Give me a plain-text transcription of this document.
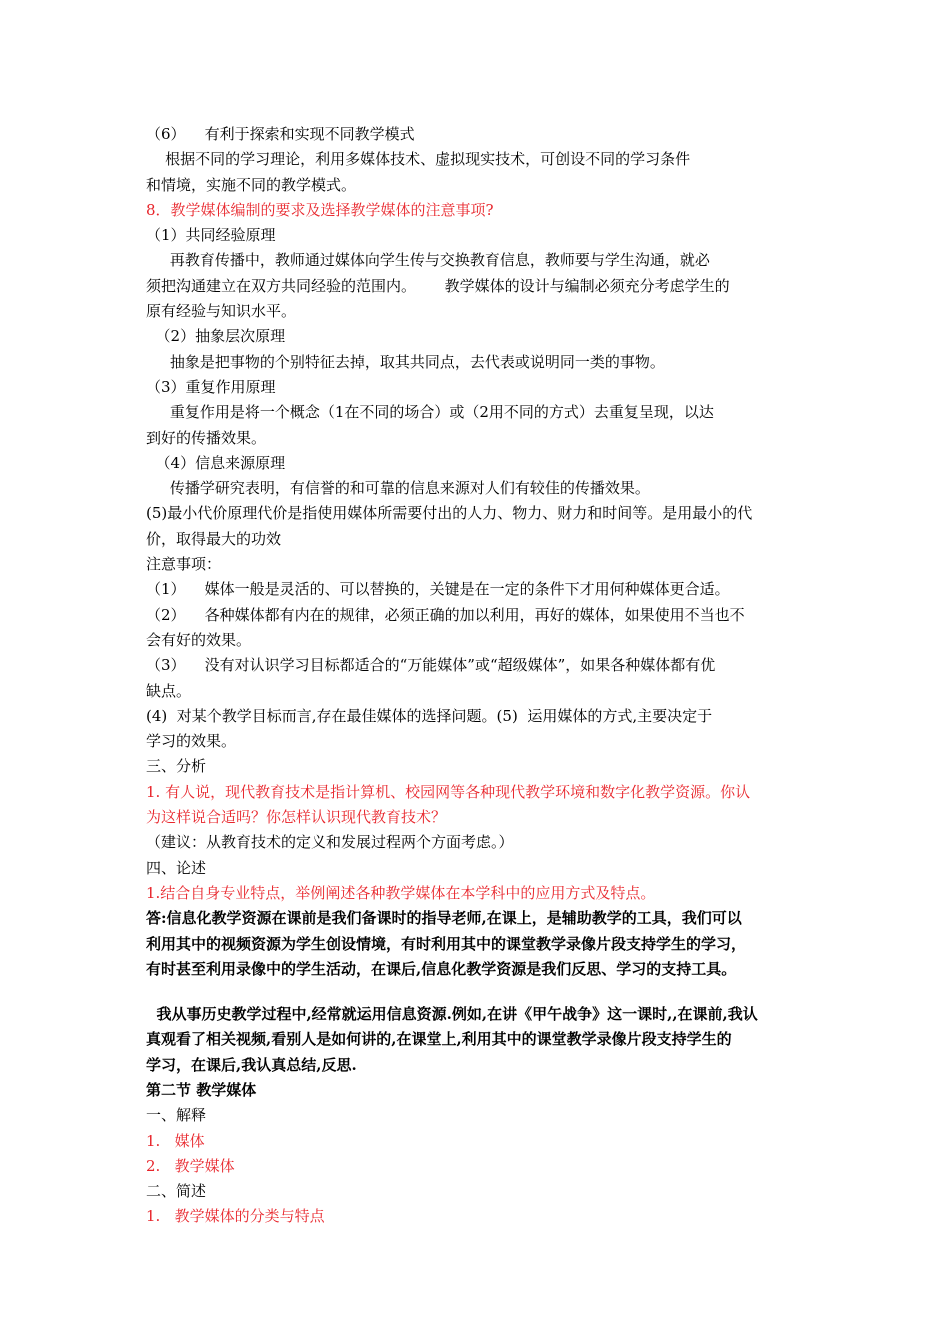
（6）    有利于探索和实现不同教学模式
根据不同的学习理论，利用多媒体技术、虚拟现实技术，可创设不同的学习条件
和情境，实施不同的教学模式。
8．教学媒体编制的要求及选择教学媒体的注意事项?
（1）共同经验原理
再教育传播中，教师通过媒体向学生传与交换教育信息，教师要与学生沟通，就必
须把沟通建立在双方共同经验的范围内。      教学媒体的设计与编制必须充分考虑学生的
原有经验与知识水平。
（2）抽象层次原理
抽象是把事物的个别特征去掉，取其共同点，去代表或说明同一类的事物。
（3）重复作用原理
重复作用是将一个概念（1在不同的场合）或（2用不同的方式）去重复呈现，以达
到好的传播效果。
（4）信息来源原理
传播学研究表明，有信誉的和可靠的信息来源对人们有较佳的传播效果。
(5)最小代价原理代价是指使用媒体所需要付出的人力、物力、财力和时间等。是用最小的代
价，取得最大的功效
注意事项：
（1）    媒体一般是灵活的、可以替换的，关键是在一定的条件下才用何种媒体更合适。
（2）    各种媒体都有内在的规律，必须正确的加以利用，再好的媒体，如果使用不当也不
会有好的效果。
（3）    没有对认识学习目标都适合的“万能媒体”或“超级媒体”，如果各种媒体都有优
缺点。
(4)  对某个教学目标而言,存在最佳媒体的选择问题。(5)  运用媒体的方式,主要决定于
学习的效果。
三、分析
1. 有人说，现代教育技术是指计算机、校园网等各种现代教学环境和数字化教学资源。你认
为这样说合适吗？你怎样认识现代教育技术？
（建议：从教育技术的定义和发展过程两个方面考虑。）
四、论述
1.结合自身专业特点，举例阐述各种教学媒体在本学科中的应用方式及特点。
答:信息化教学资源在课前是我们备课时的指导老师,在课上，是辅助教学的工具，我们可以
利用其中的视频资源为学生创设情境，有时利用其中的课堂教学录像片段支持学生的学习，
有时甚至利用录像中的学生活动，在课后,信息化教学资源是我们反思、学习的支持工具。
我从事历史教学过程中,经常就运用信息资源.例如,在讲《甲午战争》这一课时,,在课前,我认
真观看了相关视频,看别人是如何讲的,在课堂上,利用其中的课堂教学录像片段支持学生的
学习，在课后,我认真总结,反思.
第二节 教学媒体
一、解释
1.   媒体
2.   教学媒体
二、简述
1.   教学媒体的分类与特点
